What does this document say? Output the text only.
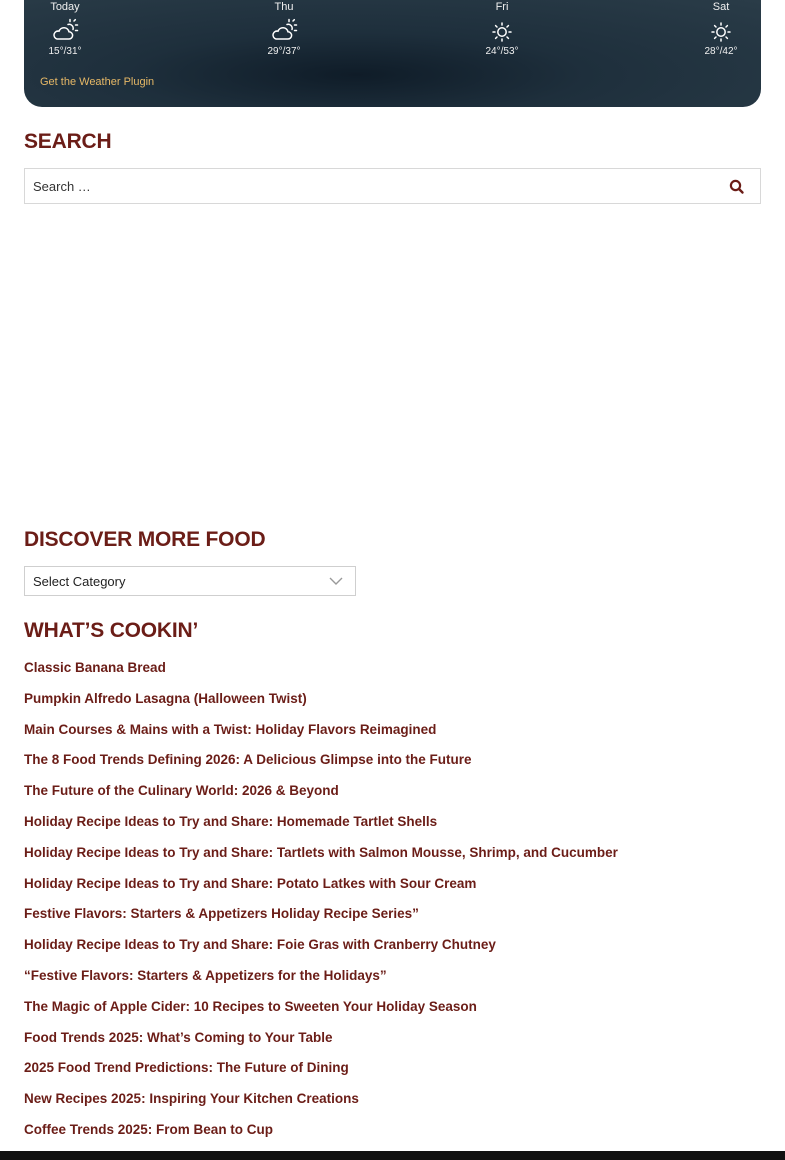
Today
15°/31°
Thu
29°/37°
Fri
24°/53°
Sat
28°/42°
Get the Weather Plugin
SEARCH
Search …
DISCOVER MORE FOOD
Select Category
WHAT’S COOKIN’
Classic Banana Bread
Pumpkin Alfredo Lasagna (Halloween Twist)
Main Courses & Mains with a Twist: Holiday Flavors Reimagined
The 8 Food Trends Defining 2026: A Delicious Glimpse into the Future
The Future of the Culinary World: 2026 & Beyond
Holiday Recipe Ideas to Try and Share: Homemade Tartlet Shells
Holiday Recipe Ideas to Try and Share: Tartlets with Salmon Mousse, Shrimp, and Cucumber
Holiday Recipe Ideas to Try and Share: Potato Latkes with Sour Cream
Festive Flavors: Starters & Appetizers Holiday Recipe Series”
Holiday Recipe Ideas to Try and Share: Foie Gras with Cranberry Chutney
“Festive Flavors: Starters & Appetizers for the Holidays”
The Magic of Apple Cider: 10 Recipes to Sweeten Your Holiday Season
Food Trends 2025: What’s Coming to Your Table
2025 Food Trend Predictions: The Future of Dining
New Recipes 2025: Inspiring Your Kitchen Creations
Coffee Trends 2025: From Bean to Cup
